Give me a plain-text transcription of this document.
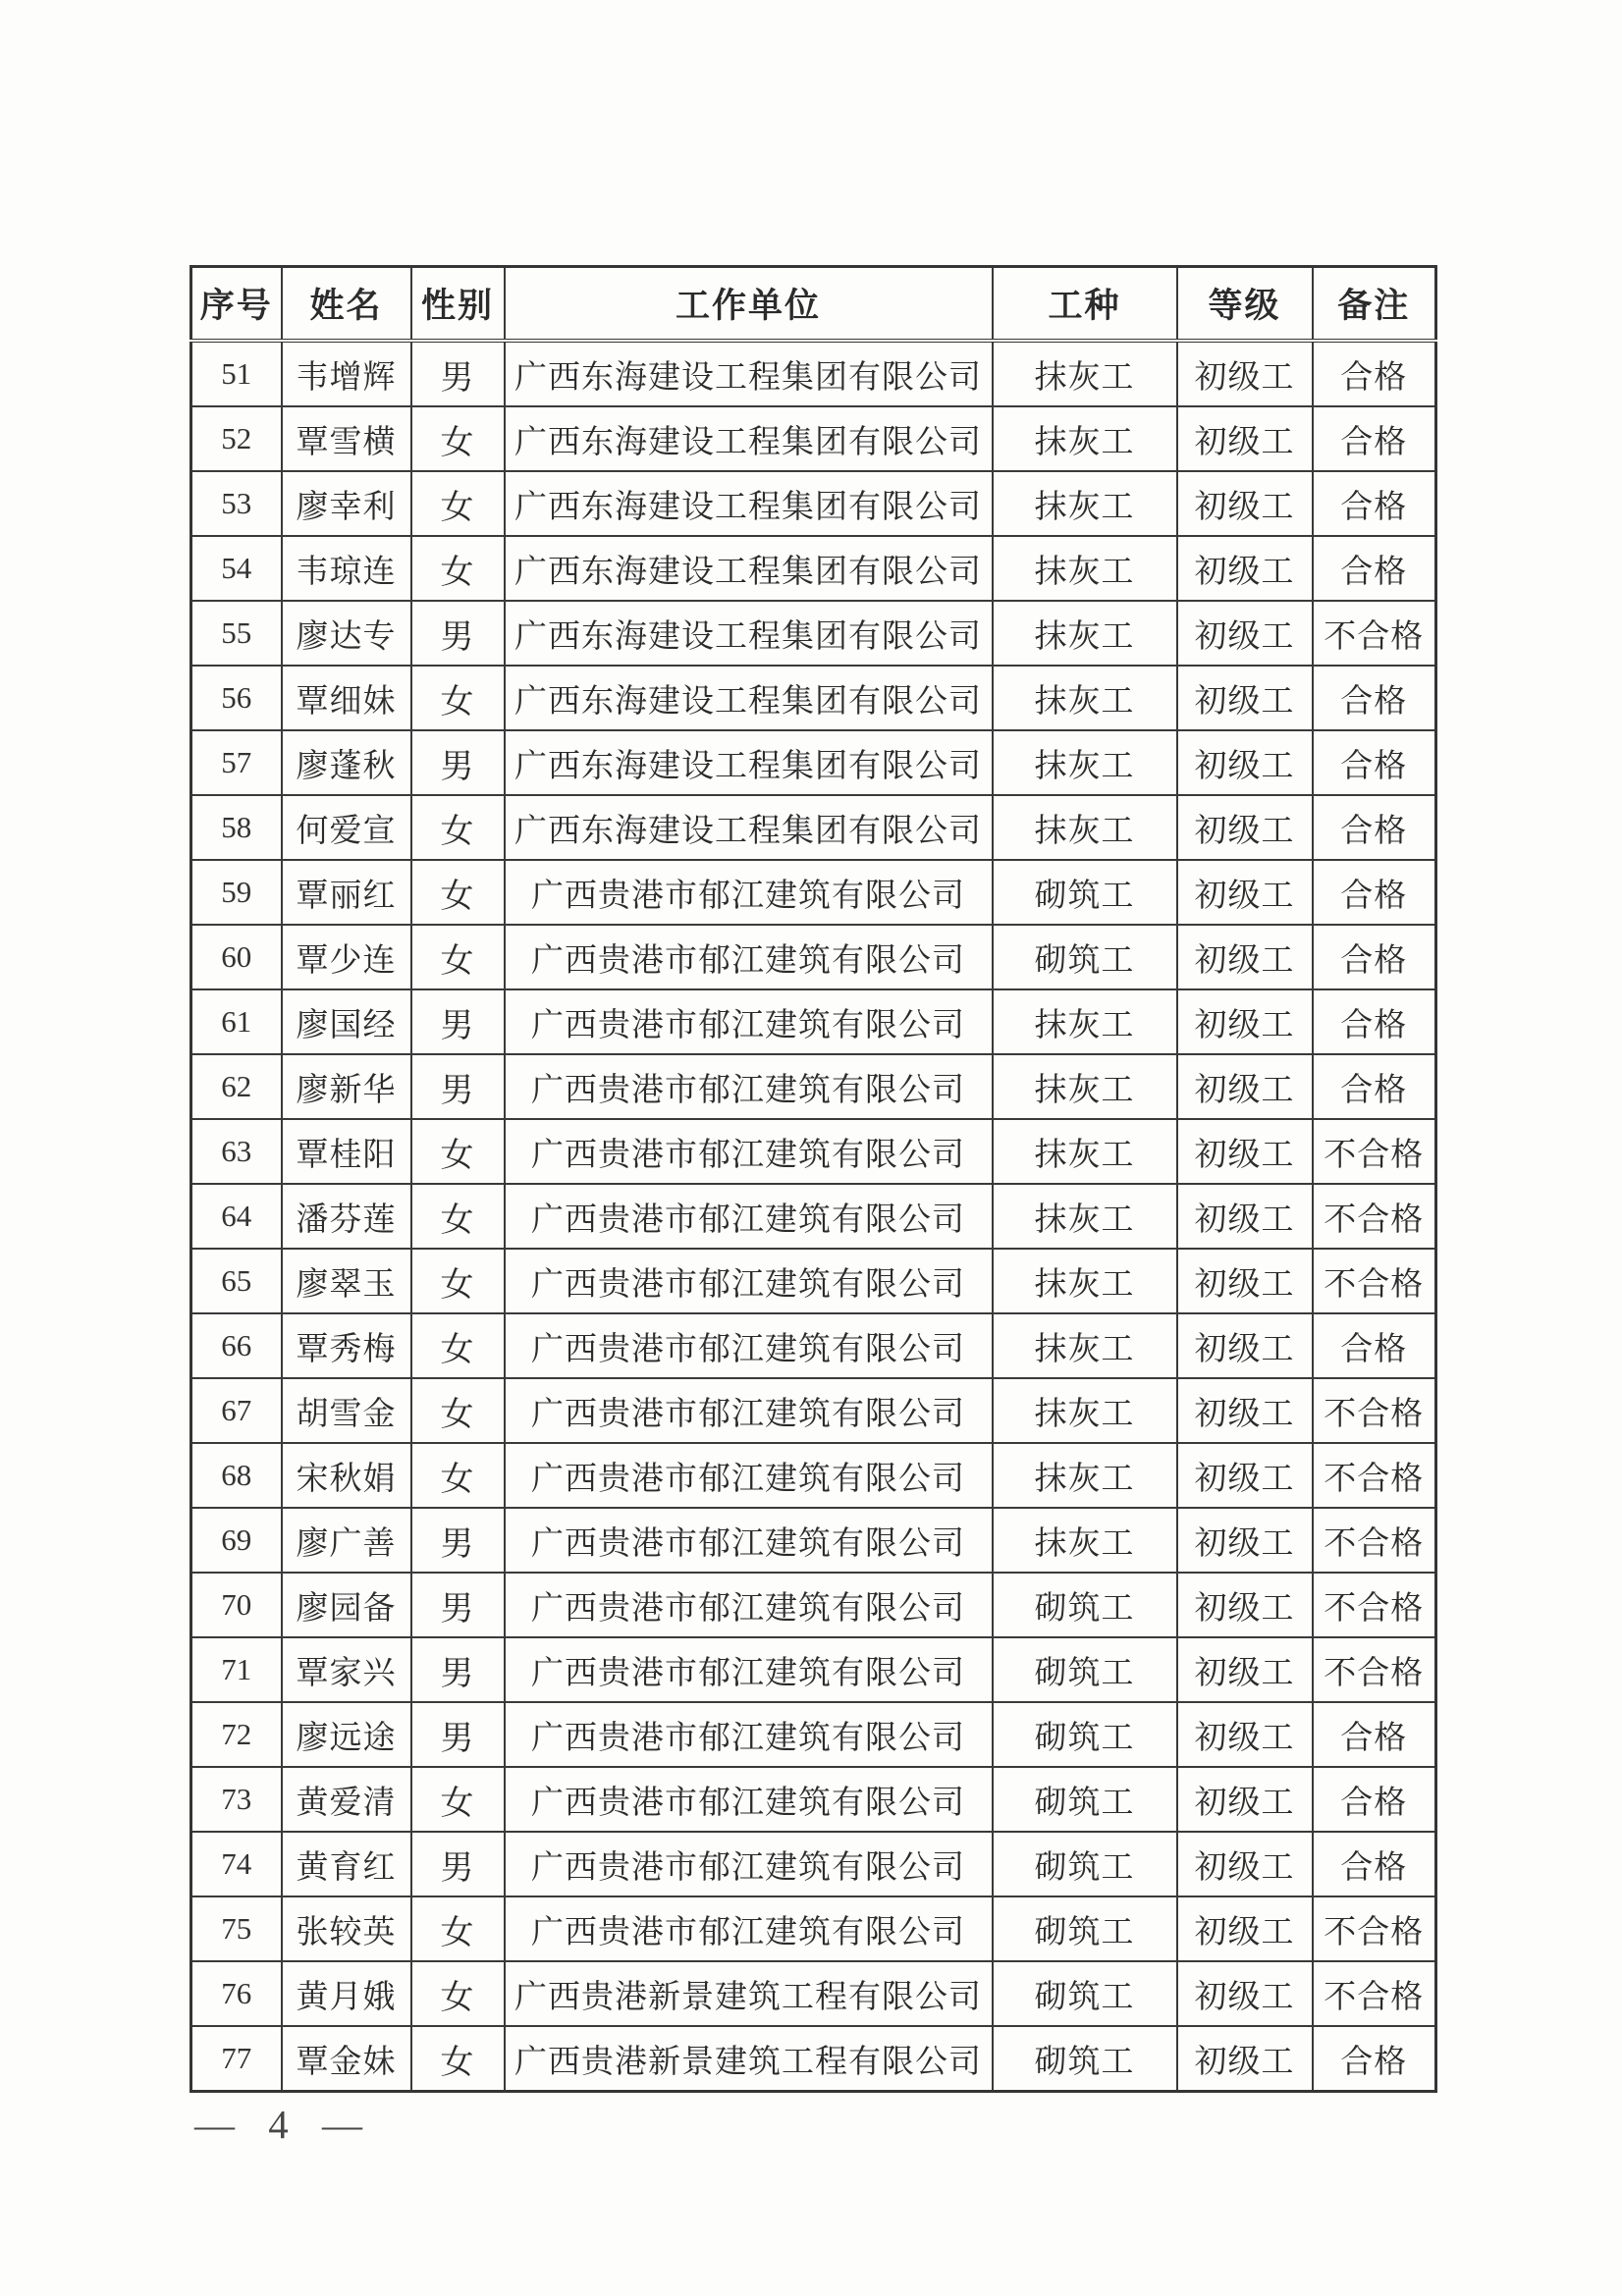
序号	姓名	性别	工作单位	工种	等级	备注
51	韦增辉	男	广西东海建设工程集团有限公司	抹灰工	初级工	合格
52	覃雪横	女	广西东海建设工程集团有限公司	抹灰工	初级工	合格
53	廖幸利	女	广西东海建设工程集团有限公司	抹灰工	初级工	合格
54	韦琼连	女	广西东海建设工程集团有限公司	抹灰工	初级工	合格
55	廖达专	男	广西东海建设工程集团有限公司	抹灰工	初级工	不合格
56	覃细妹	女	广西东海建设工程集团有限公司	抹灰工	初级工	合格
57	廖蓬秋	男	广西东海建设工程集团有限公司	抹灰工	初级工	合格
58	何爱宣	女	广西东海建设工程集团有限公司	抹灰工	初级工	合格
59	覃丽红	女	广西贵港市郁江建筑有限公司	砌筑工	初级工	合格
60	覃少连	女	广西贵港市郁江建筑有限公司	砌筑工	初级工	合格
61	廖国经	男	广西贵港市郁江建筑有限公司	抹灰工	初级工	合格
62	廖新华	男	广西贵港市郁江建筑有限公司	抹灰工	初级工	合格
63	覃桂阳	女	广西贵港市郁江建筑有限公司	抹灰工	初级工	不合格
64	潘芬莲	女	广西贵港市郁江建筑有限公司	抹灰工	初级工	不合格
65	廖翠玉	女	广西贵港市郁江建筑有限公司	抹灰工	初级工	不合格
66	覃秀梅	女	广西贵港市郁江建筑有限公司	抹灰工	初级工	合格
67	胡雪金	女	广西贵港市郁江建筑有限公司	抹灰工	初级工	不合格
68	宋秋娟	女	广西贵港市郁江建筑有限公司	抹灰工	初级工	不合格
69	廖广善	男	广西贵港市郁江建筑有限公司	抹灰工	初级工	不合格
70	廖园备	男	广西贵港市郁江建筑有限公司	砌筑工	初级工	不合格
71	覃家兴	男	广西贵港市郁江建筑有限公司	砌筑工	初级工	不合格
72	廖远途	男	广西贵港市郁江建筑有限公司	砌筑工	初级工	合格
73	黄爱清	女	广西贵港市郁江建筑有限公司	砌筑工	初级工	合格
74	黄育红	男	广西贵港市郁江建筑有限公司	砌筑工	初级工	合格
75	张较英	女	广西贵港市郁江建筑有限公司	砌筑工	初级工	不合格
76	黄月娥	女	广西贵港新景建筑工程有限公司	砌筑工	初级工	不合格
77	覃金妹	女	广西贵港新景建筑工程有限公司	砌筑工	初级工	合格
— 4 —
